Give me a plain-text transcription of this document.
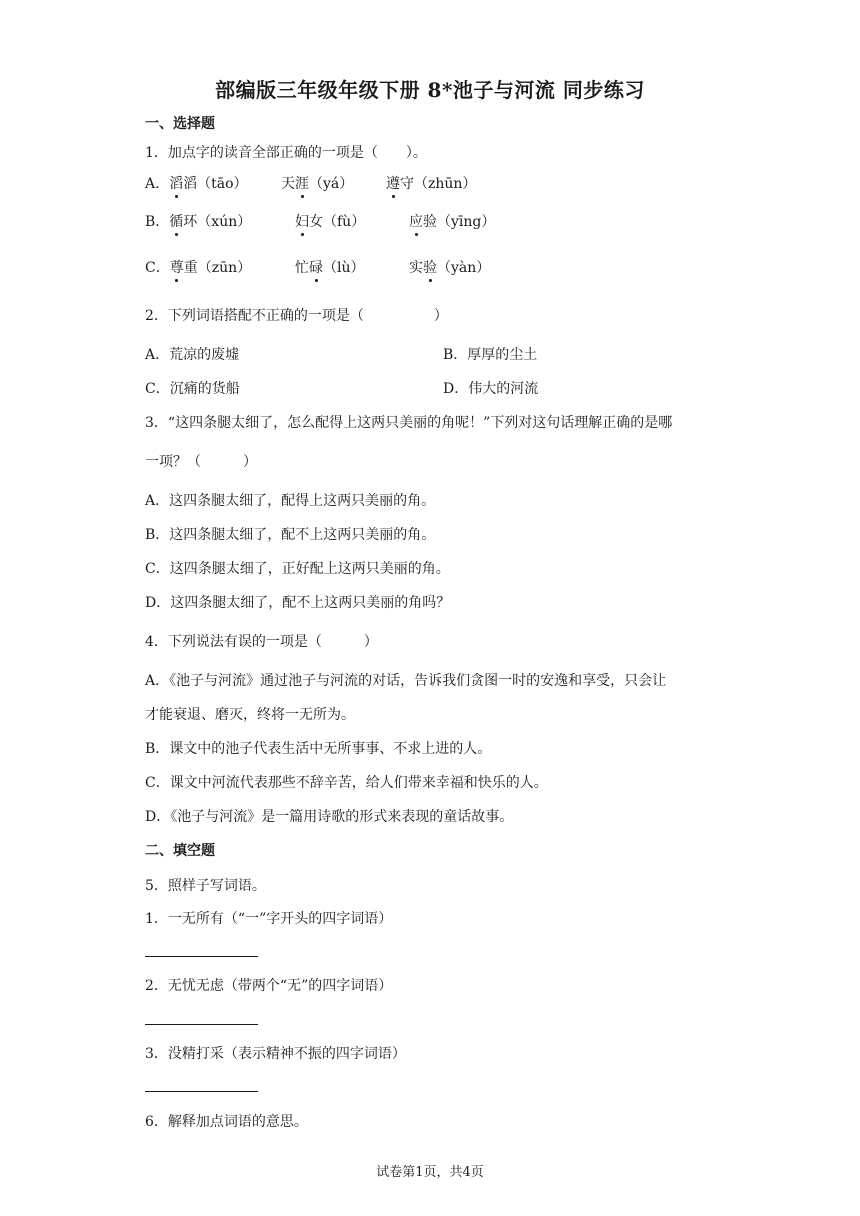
部编版三年级年级下册 8*池子与河流 同步练习
一、选择题
1．加点字的读音全部正确的一项是（　　）。
A．滔滔（tāo） 天涯（yá） 遵守（zhūn）
B．循环（xún）	妇女（fù）	应验（yīng）
C．尊重（zūn）	忙碌（lù）	实验（yàn）
2．下列词语搭配不正确的一项是（　　　　　）
A．荒凉的废墟	B．厚厚的尘土
C．沉痛的货船	D．伟大的河流
3．“这四条腿太细了，怎么配得上这两只美丽的角呢！”下列对这句话理解正确的是哪
一项？（　　　）
A．这四条腿太细了，配得上这两只美丽的角。
B．这四条腿太细了，配不上这两只美丽的角。
C．这四条腿太细了，正好配上这两只美丽的角。
D．这四条腿太细了，配不上这两只美丽的角吗？
4．下列说法有误的一项是（　　　）
A．《池子与河流》通过池子与河流的对话，告诉我们贪图一时的安逸和享受，只会让
才能衰退、磨灭，终将一无所为。
B．课文中的池子代表生活中无所事事、不求上进的人。
C．课文中河流代表那些不辞辛苦，给人们带来幸福和快乐的人。
D．《池子与河流》是一篇用诗歌的形式来表现的童话故事。
二、填空题
5．照样子写词语。
1．一无所有（“一”字开头的四字词语）
2．无忧无虑（带两个“无”的四字词语）
3．没精打采（表示精神不振的四字词语）
6．解释加点词语的意思。
试卷第1页，共4页
